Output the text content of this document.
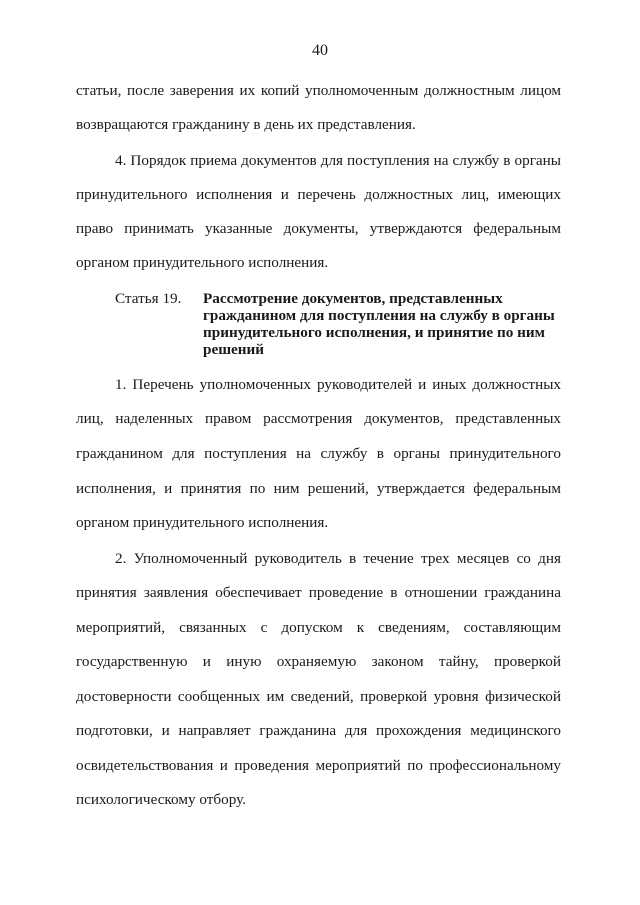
40
статьи, после заверения их копий уполномоченным должностным лицом
возвращаются гражданину в день их представления.
4. Порядок приема документов для поступления на службу в органы
принудительного исполнения и перечень должностных лиц, имеющих
право принимать указанные документы, утверждаются федеральным
органом принудительного исполнения.
Статья 19. Рассмотрение документов, представленных
гражданином для поступления на службу в органы
принудительного исполнения, и принятие по ним
решений
1. Перечень уполномоченных руководителей и иных должностных
лиц, наделенных правом рассмотрения документов, представленных
гражданином для поступления на службу в органы принудительного
исполнения, и принятия по ним решений, утверждается федеральным
органом принудительного исполнения.
2. Уполномоченный руководитель в течение трех месяцев со дня
принятия заявления обеспечивает проведение в отношении гражданина
мероприятий, связанных с допуском к сведениям, составляющим
государственную и иную охраняемую законом тайну, проверкой
достоверности сообщенных им сведений, проверкой уровня физической
подготовки, и направляет гражданина для прохождения медицинского
освидетельствования и проведения мероприятий по профессиональному
психологическому отбору.
